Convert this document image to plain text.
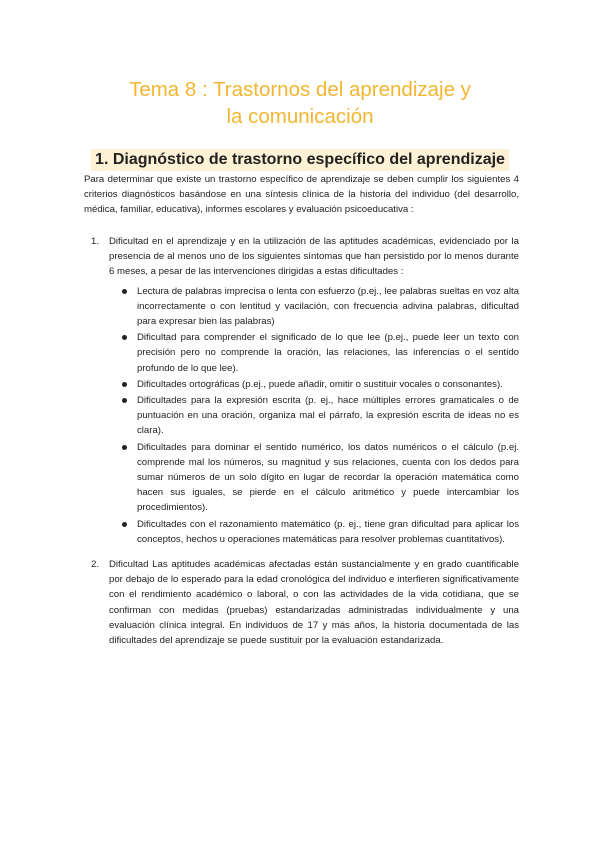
Tema 8 : Trastornos del aprendizaje y
la comunicación
1. Diagnóstico de trastorno específico del aprendizaje

Para determinar que existe un trastorno específico de aprendizaje se deben cumplir los siguientes 4 criterios diagnósticos basándose en una síntesis clínica de la historia del individuo (del desarrollo, médica, familiar, educativa), informes escolares y evaluación psicoeducativa :

1. Dificultad en el aprendizaje y en la utilización de las aptitudes académicas, evidenciado por la presencia de al menos uno de los siguientes síntomas que han persistido por lo menos durante 6 meses, a pesar de las intervenciones dirigidas a estas dificultades :
Lectura de palabras imprecisa o lenta con esfuerzo (p.ej., lee palabras sueltas en voz alta incorrectamente o con lentitud y vacilación, con frecuencia adivina palabras, dificultad para expresar bien las palabras)
Dificultad para comprender el significado de lo que lee (p.ej., puede leer un texto con precisión pero no comprende la oración, las relaciones, las inferencias o el sentido profundo de lo que lee).
Dificultades ortográficas (p.ej., puede añadir, omitir o sustituir vocales o consonantes).
Dificultades para la expresión escrita (p. ej., hace múltiples errores gramaticales o de puntuación en una oración, organiza mal el párrafo, la expresión escrita de ideas no es clara).
Dificultades para dominar el sentido numérico, los datos numéricos o el cálculo (p.ej. comprende mal los números, su magnitud y sus relaciones, cuenta con los dedos para sumar números de un solo dígito en lugar de recordar la operación matemática como hacen sus iguales, se pierde en el cálculo aritmético y puede intercambiar los procedimientos).
Dificultades con el razonamiento matemático (p. ej., tiene gran dificultad para aplicar los conceptos, hechos u operaciones matemáticas para resolver problemas cuantitativos).
2. Dificultad Las aptitudes académicas afectadas están sustancialmente y en grado cuantificable por debajo de lo esperado para la edad cronológica del individuo e interfieren significativamente con el rendimiento académico o laboral, o con las actividades de la vida cotidiana, que se confirman con medidas (pruebas) estandarizadas administradas individualmente y una evaluación clínica integral. En individuos de 17 y más años, la historia documentada de las dificultades del aprendizaje se puede sustituir por la evaluación estandarizada.
